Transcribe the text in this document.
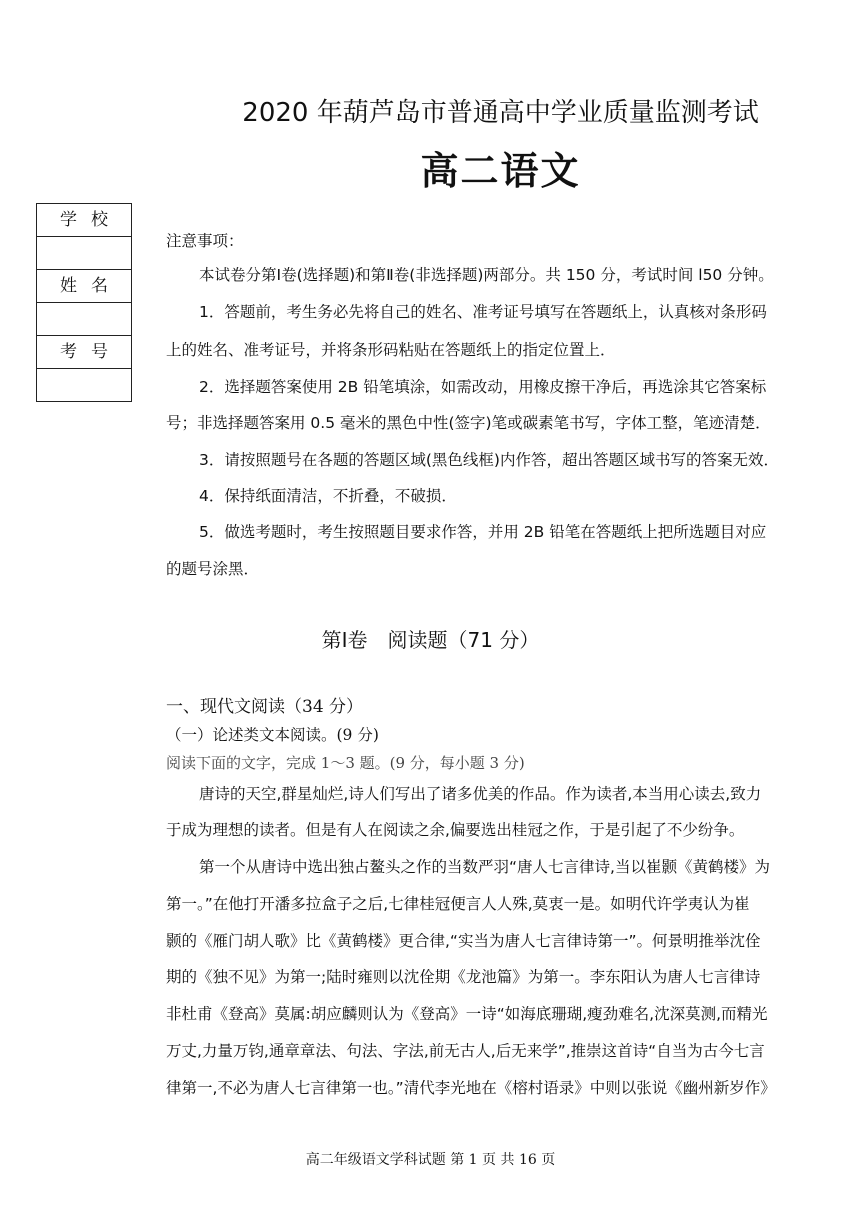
2020 年葫芦岛市普通高中学业质量监测考试
高二语文
学校
姓名
考号
注意事项：
本试卷分第Ⅰ卷(选择题)和第Ⅱ卷(非选择题)两部分。共 150 分，考试时间 l50 分钟。
1．答题前，考生务必先将自己的姓名、准考证号填写在答题纸上，认真核对条形码
上的姓名、准考证号，并将条形码粘贴在答题纸上的指定位置上．
2．选择题答案使用 2B 铅笔填涂，如需改动，用橡皮擦干净后，再选涂其它答案标
号；非选择题答案用 0.5 毫米的黑色中性(签字)笔或碳素笔书写，字体工整，笔迹清楚．
3．请按照题号在各题的答题区域(黑色线框)内作答，超出答题区域书写的答案无效．
4．保持纸面清洁，不折叠，不破损．
5．做选考题时，考生按照题目要求作答，并用 2B 铅笔在答题纸上把所选题目对应
的题号涂黑．
第Ⅰ卷　阅读题（71 分）
一、现代文阅读（34 分）
（一）论述类文本阅读。(9 分)
阅读下面的文字，完成 1～3 题。(9 分，每小题 3 分)
唐诗的天空,群星灿烂,诗人们写出了诸多优美的作品。作为读者,本当用心读去,致力
于成为理想的读者。但是有人在阅读之余,偏要选出桂冠之作，于是引起了不少纷争。
第一个从唐诗中选出独占鳌头之作的当数严羽“唐人七言律诗,当以崔颢《黄鹤楼》为
第一。”在他打开潘多拉盒子之后,七律桂冠便言人人殊,莫衷一是。如明代许学夷认为崔
颢的《雁门胡人歌》比《黄鹤楼》更合律,“实当为唐人七言律诗第一”。何景明推举沈佺
期的《独不见》为第一;陆时雍则以沈佺期《龙池篇》为第一。李东阳认为唐人七言律诗
非杜甫《登高》莫属:胡应麟则认为《登高》一诗“如海底珊瑚,瘦劲难名,沈深莫测,而精光
万丈,力量万钧,通章章法、句法、字法,前无古人,后无来学”,推崇这首诗“自当为古今七言
律第一,不必为唐人七言律第一也。”清代李光地在《榕村语录》中则以张说《幽州新岁作》
高二年级语文学科试题 第 1 页 共 16 页
